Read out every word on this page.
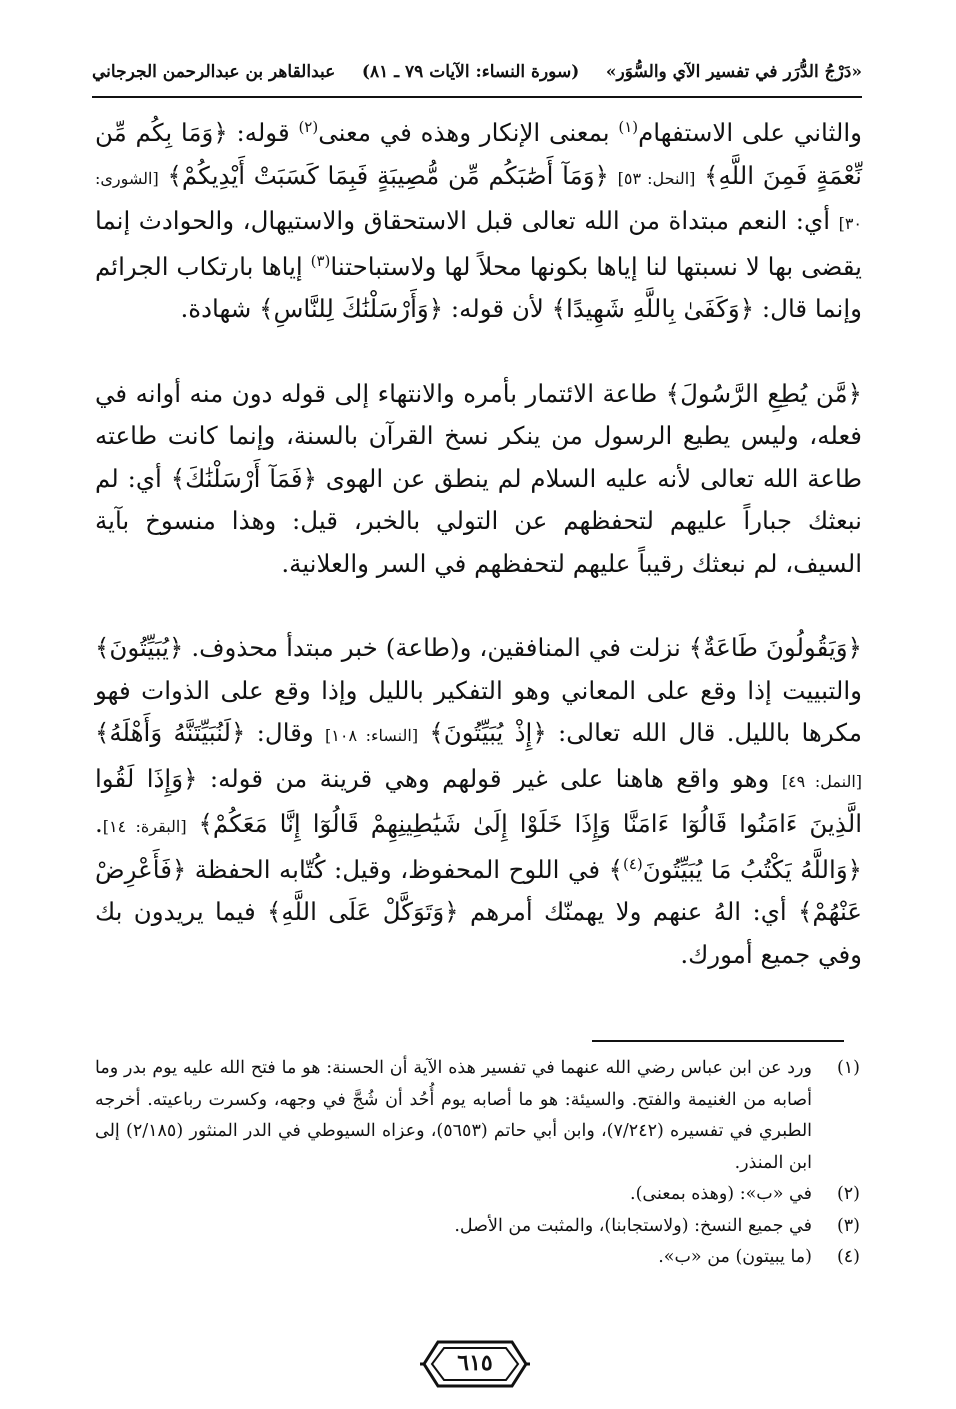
«دَرْجُ الدُّرَر في تفسير الآي والسُّوَر»
(سورة النساء: الآيات ٧٩ ـ ٨١)
عبدالقاهر بن عبدالرحمن الجرجاني

والثاني على الاستفهام$^{(١)}$ بمعنى الإنكار وهذه في معنى$^{(٢)}$ قوله: ﴿وَمَا بِكُم مِّن نِّعْمَةٍ فَمِنَ اللَّهِ﴾ [النحل: ٥٣] ﴿وَمَآ أَصَٰبَكُم مِّن مُّصِيبَةٍ فَبِمَا كَسَبَتْ أَيْدِيكُمْ﴾ [الشورى: ٣٠] أي: النعم مبتداة من الله تعالى قبل الاستحقاق والاستيهال، والحوادث إنما يقضى بها لا نسبتها لنا إياها بكونها محلاً لها ولاستباحتنا$^{(٣)}$ إياها بارتكاب الجرائم وإنما قال: ﴿وَكَفَىٰ بِاللَّهِ شَهِيدًا﴾ لأن قوله: ﴿وَأَرْسَلْنَٰكَ لِلنَّاسِ﴾ شهادة.

﴿مَّن يُطِعِ الرَّسُولَ﴾ طاعة الائتمار بأمره والانتهاء إلى قوله دون منه أوانه في فعله، وليس يطيع الرسول من ينكر نسخ القرآن بالسنة، وإنما كانت طاعته طاعة الله تعالى لأنه عليه السلام لم ينطق عن الهوى ﴿فَمَآ أَرْسَلْنَٰكَ﴾ أي: لم نبعثك جباراً عليهم لتحفظهم عن التولي بالخبر، قيل: وهذا منسوخ بآية السيف، لم نبعثك رقيباً عليهم لتحفظهم في السر والعلانية.

﴿وَيَقُولُونَ طَاعَةٌ﴾ نزلت في المنافقين، و(طاعة) خبر مبتدأ محذوف. ﴿يُبَيِّتُونَ﴾ والتبييت إذا وقع على المعاني وهو التفكير بالليل وإذا وقع على الذوات فهو مكرها بالليل. قال الله تعالى: ﴿إِذْ يُبَيِّتُونَ﴾ [النساء: ١٠٨] وقال: ﴿لَنُبَيِّتَنَّهُ وَأَهْلَهُ﴾ [النمل: ٤٩] وهو واقع هاهنا على غير قولهم وهي قرينة من قوله: ﴿وَإِذَا لَقُوا الَّذِينَ ءَامَنُوا قَالُوٓا ءَامَنَّا وَإِذَا خَلَوْا إِلَىٰ شَيَٰطِينِهِمْ قَالُوٓا إِنَّا مَعَكُمْ﴾ [البقرة: ١٤]. ﴿وَاللَّهُ يَكْتُبُ مَا يُبَيِّتُونَ$^{(٤)}$﴾ في اللوح المحفوظ، وقيل: كُتّابه الحفظة ﴿فَأَعْرِضْ عَنْهُمْ﴾ أي: الهُ عنهم ولا يهمنّك أمرهم ﴿وَتَوَكَّلْ عَلَى اللَّهِ﴾ فيما يريدون بك وفي جميع أمورك.

(١)
ورد عن ابن عباس رضي الله عنهما في تفسير هذه الآية أن الحسنة: هو ما فتح الله عليه يوم بدر وما أصابه من الغنيمة والفتح. والسيئة: هو ما أصابه يوم أُحُد أن شُجَّ في وجهه، وكسرت رباعيته. أخرجه الطبري في تفسيره (٧/٢٤٢)، وابن أبي حاتم (٥٦٥٣)، وعزاه السيوطي في الدر المنثور (٢/١٨٥) إلى ابن المنذر.
(٢)
في «ب»: (وهذه بمعنى).
(٣)
في جميع النسخ: (ولاستجابنا)، والمثبت من الأصل.
(٤)
(ما يبيتون) من «ب».
٦١٥
